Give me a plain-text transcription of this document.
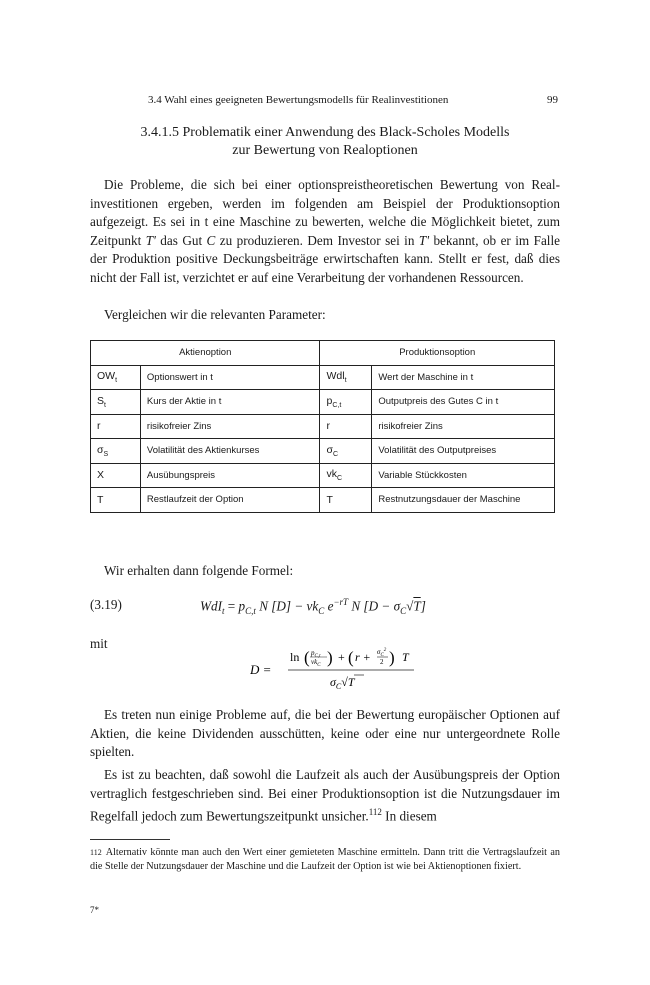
3.4 Wahl eines geeigneten Bewertungsmodells für Realinvestitionen	99
3.4.1.5 Problematik einer Anwendung des Black-Scholes Modells
zur Bewertung von Realoptionen

Die Probleme, die sich bei einer optionspreistheoretischen Bewertung von Realinvestitionen ergeben, werden im folgenden am Beispiel der Produktionsoption aufgezeigt. Es sei in t eine Maschine zu bewerten, welche die Möglichkeit bietet, zum Zeitpunkt T' das Gut C zu produzieren. Dem Investor sei in T' bekannt, ob er im Falle der Produktion positive Deckungsbeiträge erwirtschaften kann. Stellt er fest, daß dies nicht der Fall ist, verzichtet er auf eine Verarbeitung der vorhandenen Ressourcen.

Vergleichen wir die relevanten Parameter:

Aktienoption		Produktionsoption	
$OW_t$	Optionswert in t	Wdl$_t$	Wert der Maschine in t
$S_t$	Kurs der Aktie in t	$p_{C,t}$	Outputpreis des Gutes C in t
r	risikofreier Zins	r	risikofreier Zins
$\sigma_S$	Volatilität des Aktienkurses	$\sigma_C$	Volatilität des Outputpreises
X	Ausübungspreis	$vk_C$	Variable Stückkosten
T	Restlaufzeit der Option	T	Restnutzungsdauer der Maschine

Wir erhalten dann folgende Formel:

(3.19)	$WdI_t = p_{C,t}$ N $[D] - vk_C$ $e^{-rT}$ N $[D - \sigma_C√T]$
mit
D =
ln ( $p_{C,t}$
$vk_C$ ) + ( $r + \sigma_C^2$
2 ) T
$\sigma_C√T$

Es treten nun einige Probleme auf, die bei der Bewertung europäischer Optionen auf Aktien, die keine Dividenden ausschütten, keine oder eine nur untergeordnete Rolle spielten.

Es ist zu beachten, daß sowohl die Laufzeit als auch der Ausübungspreis der Option vertraglich festgeschrieben sind. Bei einer Produktionsoption ist die Nutzungsdauer im Regelfall jedoch zum Bewertungszeitpunkt unsicher.$^{112}$ In diesem

112 Alternativ könnte man auch den Wert einer gemieteten Maschine ermitteln. Dann tritt die Vertragslaufzeit an die Stelle der Nutzungsdauer der Maschine und die Laufzeit der Option ist wie bei Aktienoptionen fixiert.

7*
